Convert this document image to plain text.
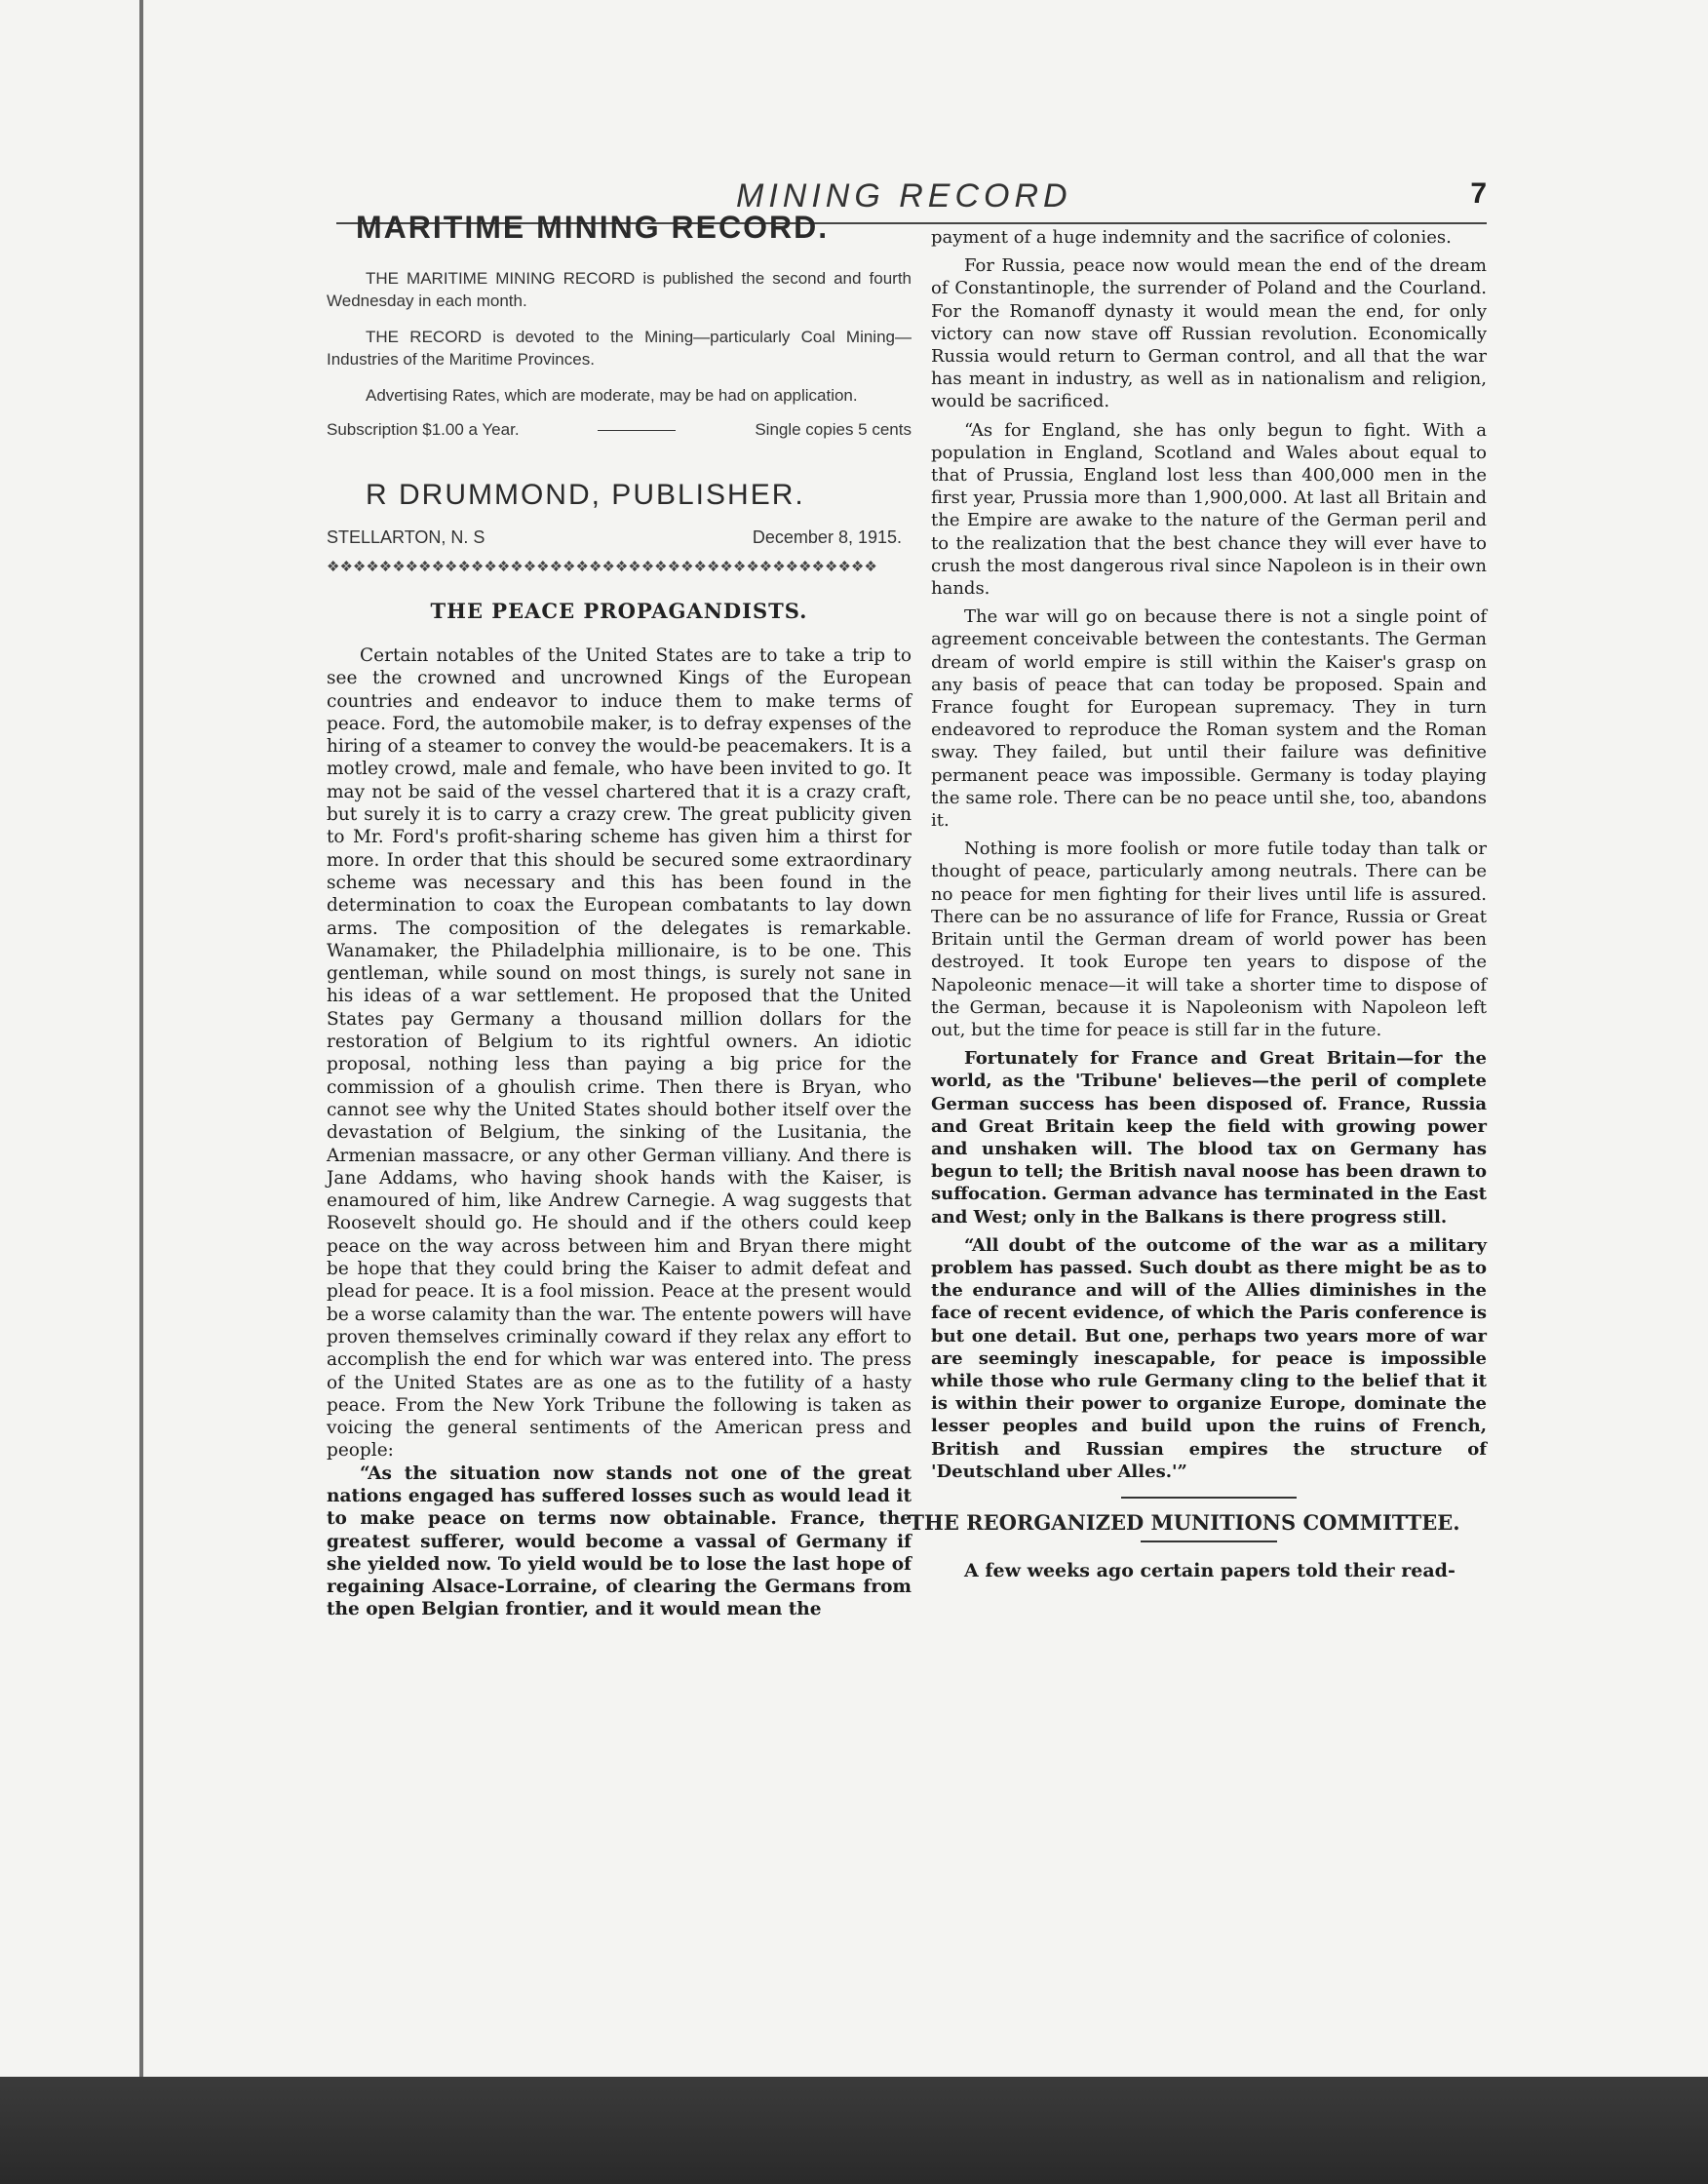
MINING RECORD	7
MARITIME MINING RECORD.

THE MARITIME MINING RECORD is published the second and fourth Wednesday in each month.

THE RECORD is devoted to the Mining—particularly Coal Mining—Industries of the Maritime Provinces.

Advertising Rates, which are moderate, may be had on application.

Subscription $1.00 a Year.	Single copies 5 cents
R DRUMMOND, PUBLISHER.
STELLARTON, N. S	December 8, 1915.
❖❖❖❖❖❖❖❖❖❖❖❖❖❖❖❖❖❖❖❖❖❖❖❖❖❖❖❖❖❖❖❖❖❖❖❖❖❖❖❖❖❖
THE PEACE PROPAGANDISTS.

Certain notables of the United States are to take a trip to see the crowned and uncrowned Kings of the European countries and endeavor to induce them to make terms of peace. Ford, the automobile maker, is to defray expenses of the hiring of a steamer to convey the would-be peacemakers. It is a motley crowd, male and female, who have been invited to go. It may not be said of the vessel chartered that it is a crazy craft, but surely it is to carry a crazy crew. The great publicity given to Mr. Ford's profit-sharing scheme has given him a thirst for more. In order that this should be secured some extraordinary scheme was necessary and this has been found in the determination to coax the European combatants to lay down arms. The composition of the delegates is remarkable. Wanamaker, the Philadelphia millionaire, is to be one. This gentleman, while sound on most things, is surely not sane in his ideas of a war settlement. He proposed that the United States pay Germany a thousand million dollars for the restoration of Belgium to its rightful owners. An idiotic proposal, nothing less than paying a big price for the commission of a ghoulish crime. Then there is Bryan, who cannot see why the United States should bother itself over the devastation of Belgium, the sinking of the Lusitania, the Armenian massacre, or any other German villiany. And there is Jane Addams, who having shook hands with the Kaiser, is enamoured of him, like Andrew Carnegie. A wag suggests that Roosevelt should go. He should and if the others could keep peace on the way across between him and Bryan there might be hope that they could bring the Kaiser to admit defeat and plead for peace. It is a fool mission. Peace at the present would be a worse calamity than the war. The entente powers will have proven themselves criminally coward if they relax any effort to accomplish the end for which war was entered into. The press of the United States are as one as to the futility of a hasty peace. From the New York Tribune the following is taken as voicing the general sentiments of the American press and people:

“As the situation now stands not one of the great nations engaged has suffered losses such as would lead it to make peace on terms now obtainable. France, the greatest sufferer, would become a vassal of Germany if she yielded now. To yield would be to lose the last hope of regaining Alsace-Lorraine, of clearing the Germans from the open Belgian frontier, and it would mean the

payment of a huge indemnity and the sacrifice of colonies.

For Russia, peace now would mean the end of the dream of Constantinople, the surrender of Poland and the Courland. For the Romanoff dynasty it would mean the end, for only victory can now stave off Russian revolution. Economically Russia would return to German control, and all that the war has meant in industry, as well as in nationalism and religion, would be sacrificed.

“As for England, she has only begun to fight. With a population in England, Scotland and Wales about equal to that of Prussia, England lost less than 400,000 men in the first year, Prussia more than 1,900,000. At last all Britain and the Empire are awake to the nature of the German peril and to the realization that the best chance they will ever have to crush the most dangerous rival since Napoleon is in their own hands.

The war will go on because there is not a single point of agreement conceivable between the contestants. The German dream of world empire is still within the Kaiser's grasp on any basis of peace that can today be proposed. Spain and France fought for European supremacy. They in turn endeavored to reproduce the Roman system and the Roman sway. They failed, but until their failure was definitive permanent peace was impossible. Germany is today playing the same role. There can be no peace until she, too, abandons it.

Nothing is more foolish or more futile today than talk or thought of peace, particularly among neutrals. There can be no peace for men fighting for their lives until life is assured. There can be no assurance of life for France, Russia or Great Britain until the German dream of world power has been destroyed. It took Europe ten years to dispose of the Napoleonic menace—it will take a shorter time to dispose of the German, because it is Napoleonism with Napoleon left out, but the time for peace is still far in the future.

Fortunately for France and Great Britain—for the world, as the 'Tribune' believes—the peril of complete German success has been disposed of. France, Russia and Great Britain keep the field with growing power and unshaken will. The blood tax on Germany has begun to tell; the British naval noose has been drawn to suffocation. German advance has terminated in the East and West; only in the Balkans is there progress still.

“All doubt of the outcome of the war as a military problem has passed. Such doubt as there might be as to the endurance and will of the Allies diminishes in the face of recent evidence, of which the Paris conference is but one detail. But one, perhaps two years more of war are seemingly inescapable, for peace is impossible while those who rule Germany cling to the belief that it is within their power to organize Europe, dominate the lesser peoples and build upon the ruins of French, British and Russian empires the structure of 'Deutschland uber Alles.'”

THE REORGANIZED MUNITIONS COMMITTEE.

A few weeks ago certain papers told their read-
